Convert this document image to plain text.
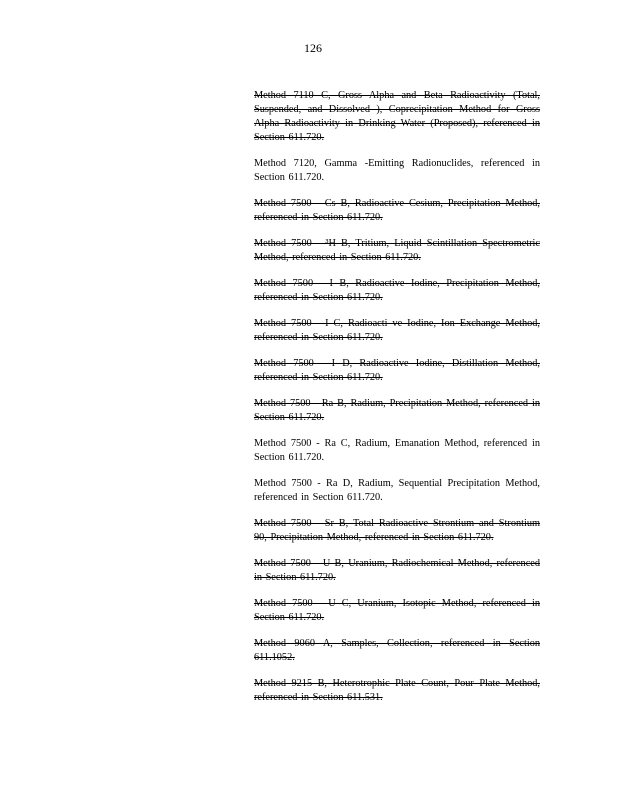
126
Method 7110 C, Gross Alpha and Beta Radioactivity (Total, Suspended, and Dissolved ), Coprecipitation Method for Gross Alpha Radioactivity in Drinking Water (Proposed), referenced in Section 611.720.
Method 7120, Gamma -Emitting Radionuclides, referenced in Section 611.720.
Method 7500 - Cs B, Radioactive Cesium, Precipitation Method, referenced in Section 611.720.
Method 7500 - ³H B, Tritium, Liquid Scintillation Spectrometric Method, referenced in Section 611.720.
Method 7500 - I B, Radioactive Iodine, Precipitation Method, referenced in Section 611.720.
Method 7500 - I C, Radioacti ve Iodine, Ion Exchange Method, referenced in Section 611.720.
Method 7500 - I D, Radioactive Iodine, Distillation Method, referenced in Section 611.720.
Method 7500 - Ra B, Radium, Precipitation Method, referenced in Section 611.720.
Method 7500 - Ra C, Radium, Emanation Method, referenced in Section 611.720.
Method 7500 - Ra D, Radium, Sequential Precipitation Method, referenced in Section 611.720.
Method 7500 - Sr B, Total Radioactive Strontium and Strontium 90, Precipitation Method, referenced in Section 611.720.
Method 7500 - U B, Uranium, Radiochemical Method, referenced in Section 611.720.
Method 7500 - U C, Uranium, Isotopic Method, referenced in Section 611.720.
Method 9060 A, Samples, Collection, referenced in Section 611.1052.
Method 9215 B, Heterotrophic Plate Count, Pour Plate Method, referenced in Section 611.531.
